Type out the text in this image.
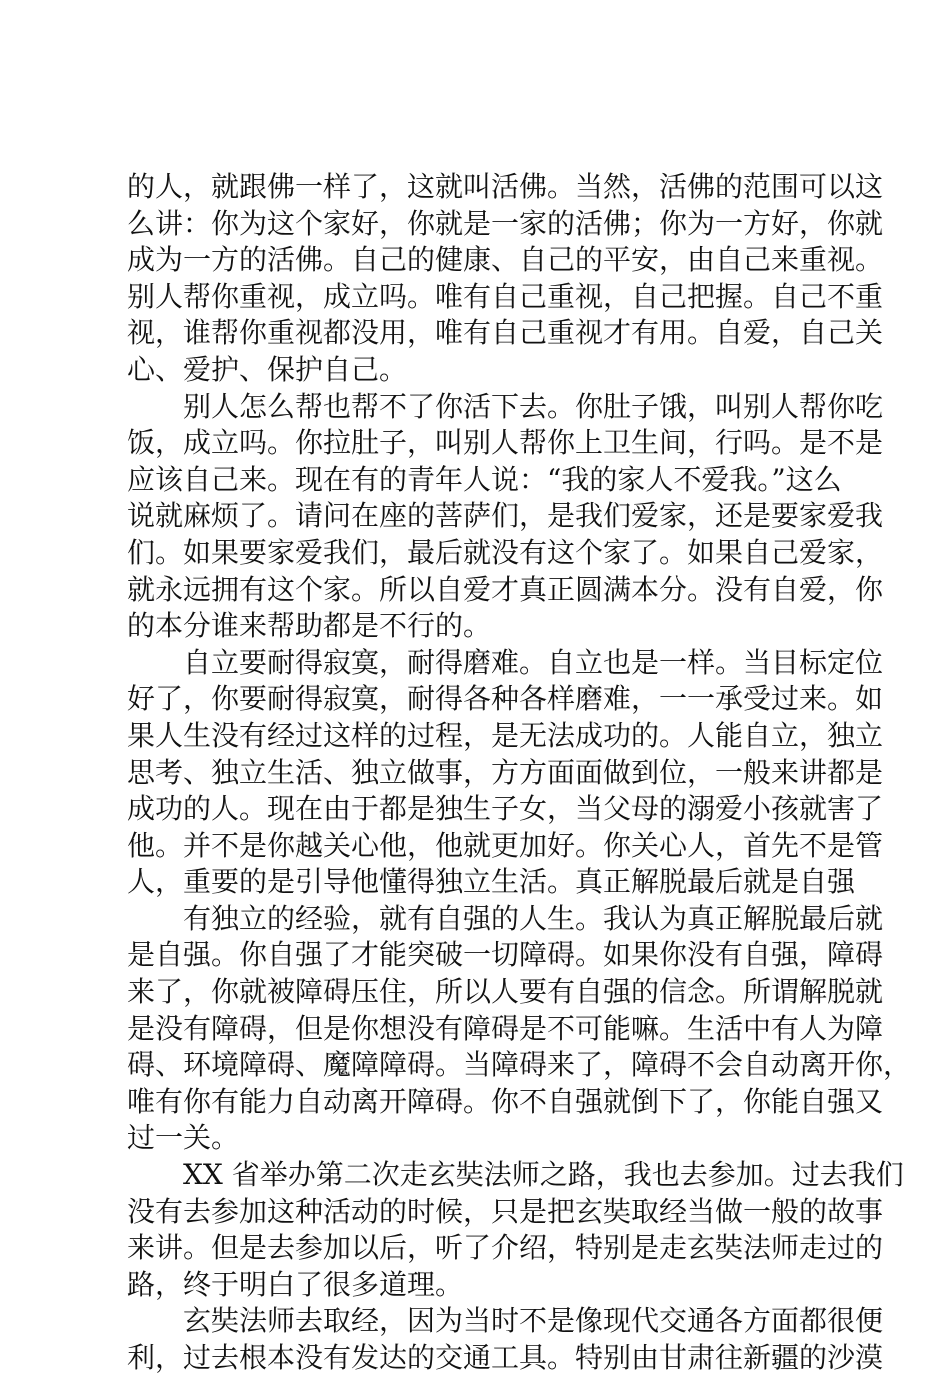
的人，就跟佛一样了，这就叫活佛。当然，活佛的范围可以这
么讲：你为这个家好，你就是一家的活佛；你为一方好，你就
成为一方的活佛。自己的健康、自己的平安，由自己来重视。
别人帮你重视，成立吗。唯有自己重视，自己把握。自己不重
视，谁帮你重视都没用，唯有自己重视才有用。自爱，自己关
心、爱护、保护自己。
别人怎么帮也帮不了你活下去。你肚子饿，叫别人帮你吃
饭，成立吗。你拉肚子，叫别人帮你上卫生间，行吗。是不是
应该自己来。现在有的青年人说：“我的家人不爱我。”这么
说就麻烦了。请问在座的菩萨们，是我们爱家，还是要家爱我
们。如果要家爱我们，最后就没有这个家了。如果自己爱家，
就永远拥有这个家。所以自爱才真正圆满本分。没有自爱，你
的本分谁来帮助都是不行的。
自立要耐得寂寞，耐得磨难。自立也是一样。当目标定位
好了，你要耐得寂寞，耐得各种各样磨难，一一承受过来。如
果人生没有经过这样的过程，是无法成功的。人能自立，独立
思考、独立生活、独立做事，方方面面做到位，一般来讲都是
成功的人。现在由于都是独生子女，当父母的溺爱小孩就害了
他。并不是你越关心他，他就更加好。你关心人，首先不是管
人，重要的是引导他懂得独立生活。真正解脱最后就是自强
有独立的经验，就有自强的人生。我认为真正解脱最后就
是自强。你自强了才能突破一切障碍。如果你没有自强，障碍
来了，你就被障碍压住，所以人要有自强的信念。所谓解脱就
是没有障碍，但是你想没有障碍是不可能嘛。生活中有人为障
碍、环境障碍、魔障障碍。当障碍来了，障碍不会自动离开你，
唯有你有能力自动离开障碍。你不自强就倒下了，你能自强又
过一关。
XX 省举办第二次走玄奘法师之路，我也去参加。过去我们
没有去参加这种活动的时候，只是把玄奘取经当做一般的故事
来讲。但是去参加以后，听了介绍，特别是走玄奘法师走过的
路，终于明白了很多道理。
玄奘法师去取经，因为当时不是像现代交通各方面都很便
利，过去根本没有发达的交通工具。特别由甘肃往新疆的沙漠
